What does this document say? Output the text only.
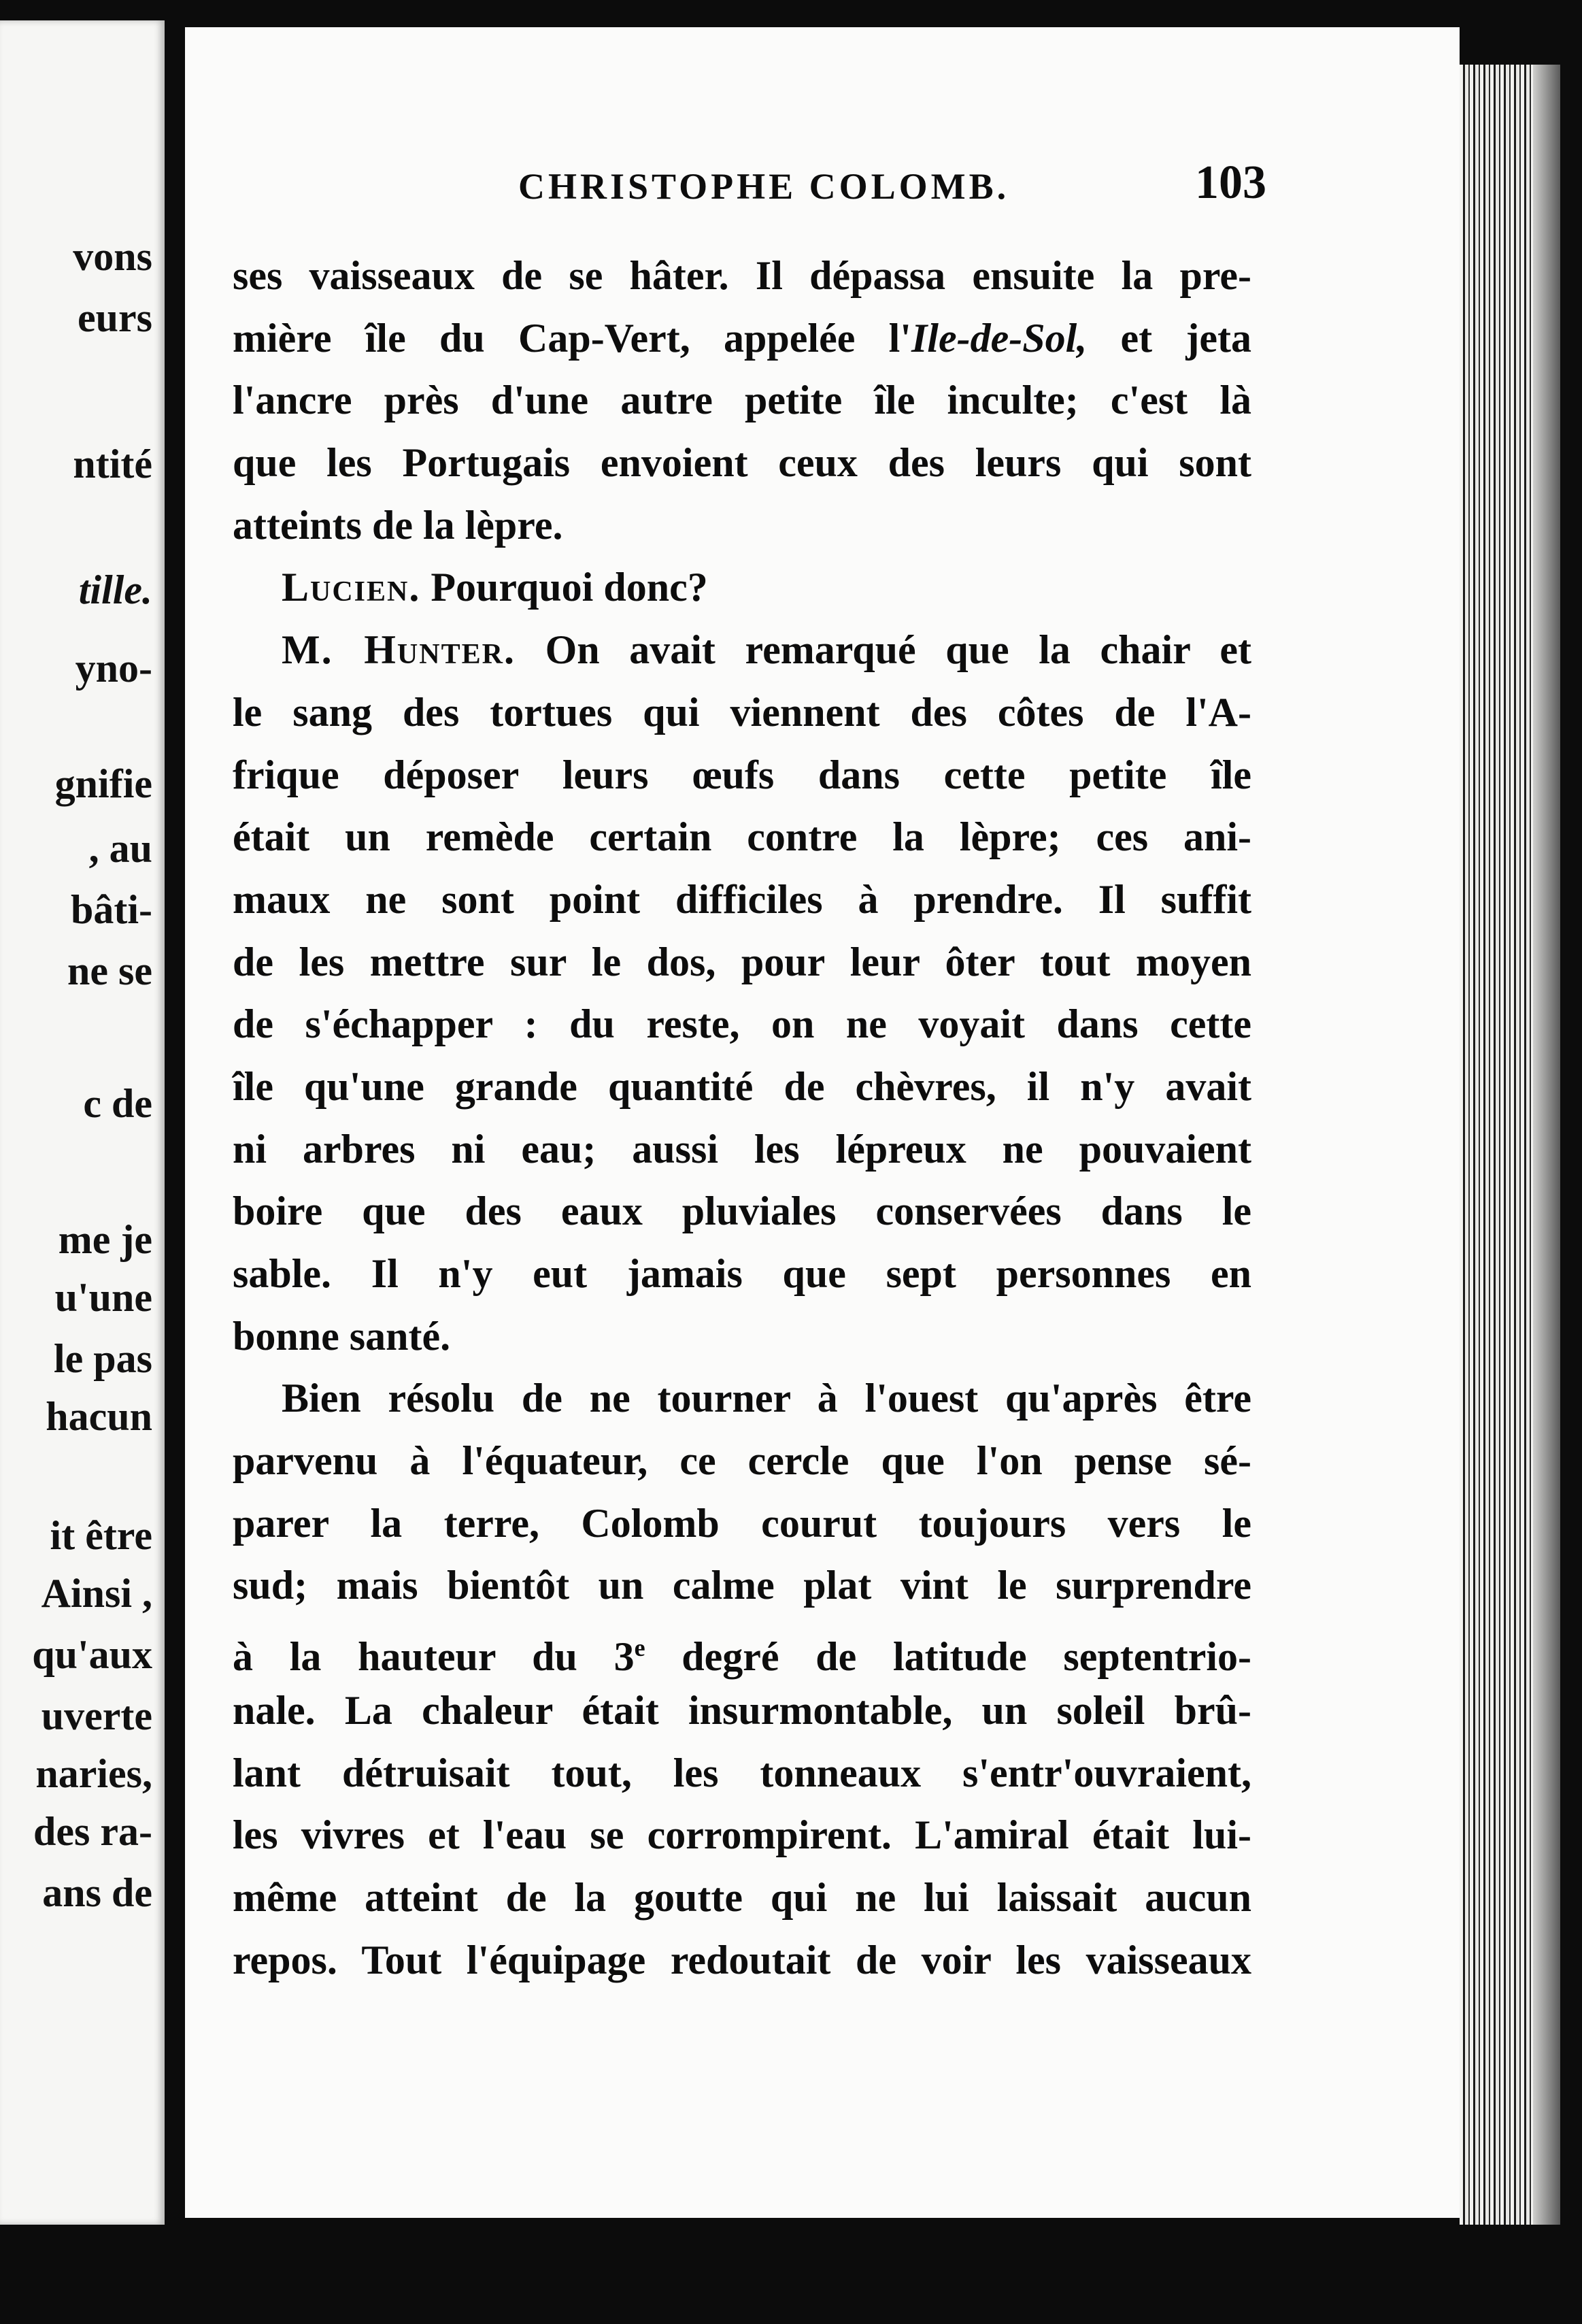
vons
eurs
ntité
tille.
yno-
gnifie
, au
bâti-
ne se
c de
me je
u'une
le pas
hacun
it être
Ainsi ,
qu'aux
uverte
naries,
des ra-
ans de
CHRISTOPHE COLOMB.	103
ses vaisseaux de se hâter. Il dépassa ensuite la pre-
mière île du Cap-Vert, appelée l'Ile-de-Sol, et jeta
l'ancre près d'une autre petite île inculte; c'est là
que les Portugais envoient ceux des leurs qui sont
atteints de la lèpre.
Lucien. Pourquoi donc?
M. Hunter. On avait remarqué que la chair et
le sang des tortues qui viennent des côtes de l'A-
frique déposer leurs œufs dans cette petite île
était un remède certain contre la lèpre; ces ani-
maux ne sont point difficiles à prendre. Il suffit
de les mettre sur le dos, pour leur ôter tout moyen
de s'échapper : du reste, on ne voyait dans cette
île qu'une grande quantité de chèvres, il n'y avait
ni arbres ni eau; aussi les lépreux ne pouvaient
boire que des eaux pluviales conservées dans le
sable. Il n'y eut jamais que sept personnes en
bonne santé.
Bien résolu de ne tourner à l'ouest qu'après être
parvenu à l'équateur, ce cercle que l'on pense sé-
parer la terre, Colomb courut toujours vers le
sud; mais bientôt un calme plat vint le surprendre
à la hauteur du 3e degré de latitude septentrio-
nale. La chaleur était insurmontable, un soleil brû-
lant détruisait tout, les tonneaux s'entr'ouvraient,
les vivres et l'eau se corrompirent. L'amiral était lui-
même atteint de la goutte qui ne lui laissait aucun
repos. Tout l'équipage redoutait de voir les vaisseaux
